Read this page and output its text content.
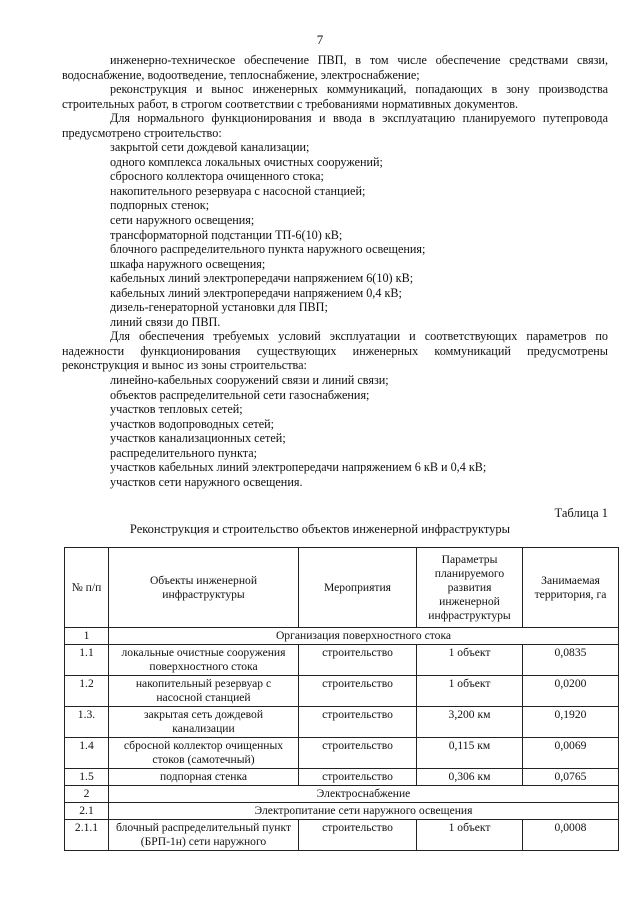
7

инженерно-техническое обеспечение ПВП, в том числе обеспечение средствами связи, водоснабжение, водоотведение, теплоснабжение, электроснабжение;

реконструкция и вынос инженерных коммуникаций, попадающих в зону производства строительных работ, в строгом соответствии с требованиями нормативных документов.

Для нормального функционирования и ввода в эксплуатацию планируемого путепровода предусмотрено строительство:

закрытой сети дождевой канализации;

одного комплекса локальных очистных сооружений;

сбросного коллектора очищенного стока;

накопительного резервуара с насосной станцией;

подпорных стенок;

сети наружного освещения;

трансформаторной подстанции ТП-6(10) кВ;

блочного распределительного пункта наружного освещения;

шкафа наружного освещения;

кабельных линий электропередачи напряжением 6(10) кВ;

кабельных линий электропередачи напряжением 0,4 кВ;

дизель-генераторной установки для ПВП;

линий связи до ПВП.

Для обеспечения требуемых условий эксплуатации и соответствующих параметров по надежности функционирования существующих инженерных коммуникаций предусмотрены реконструкция и вынос из зоны строительства:

линейно-кабельных сооружений связи и линий связи;

объектов распределительной сети газоснабжения;

участков тепловых сетей;

участков водопроводных сетей;

участков канализационных сетей;

распределительного пункта;

участков кабельных линий электропередачи напряжением 6 кВ и 0,4 кВ;

участков сети наружного освещения.

Таблица 1
Реконструкция и строительство объектов инженерной инфраструктуры
№ п/п	Объекты инженерной инфраструктуры	Мероприятия	Параметры планируемого развития инженерной инфраструктуры	Занимаемая территория, га
1	Организация поверхностного стока			
1.1	локальные очистные сооружения поверхностного стока	строительство	1 объект	0,0835
1.2	накопительный резервуар с насосной станцией	строительство	1 объект	0,0200
1.3.	закрытая сеть дождевой канализации	строительство	3,200 км	0,1920
1.4	сбросной коллектор очищенных стоков (самотечный)	строительство	0,115 км	0,0069
1.5	подпорная стенка	строительство	0,306 км	0,0765
2	Электроснабжение			
2.1	Электропитание сети наружного освещения			
2.1.1	блочный распределительный пункт (БРП-1н) сети наружного	строительство	1 объект	0,0008
